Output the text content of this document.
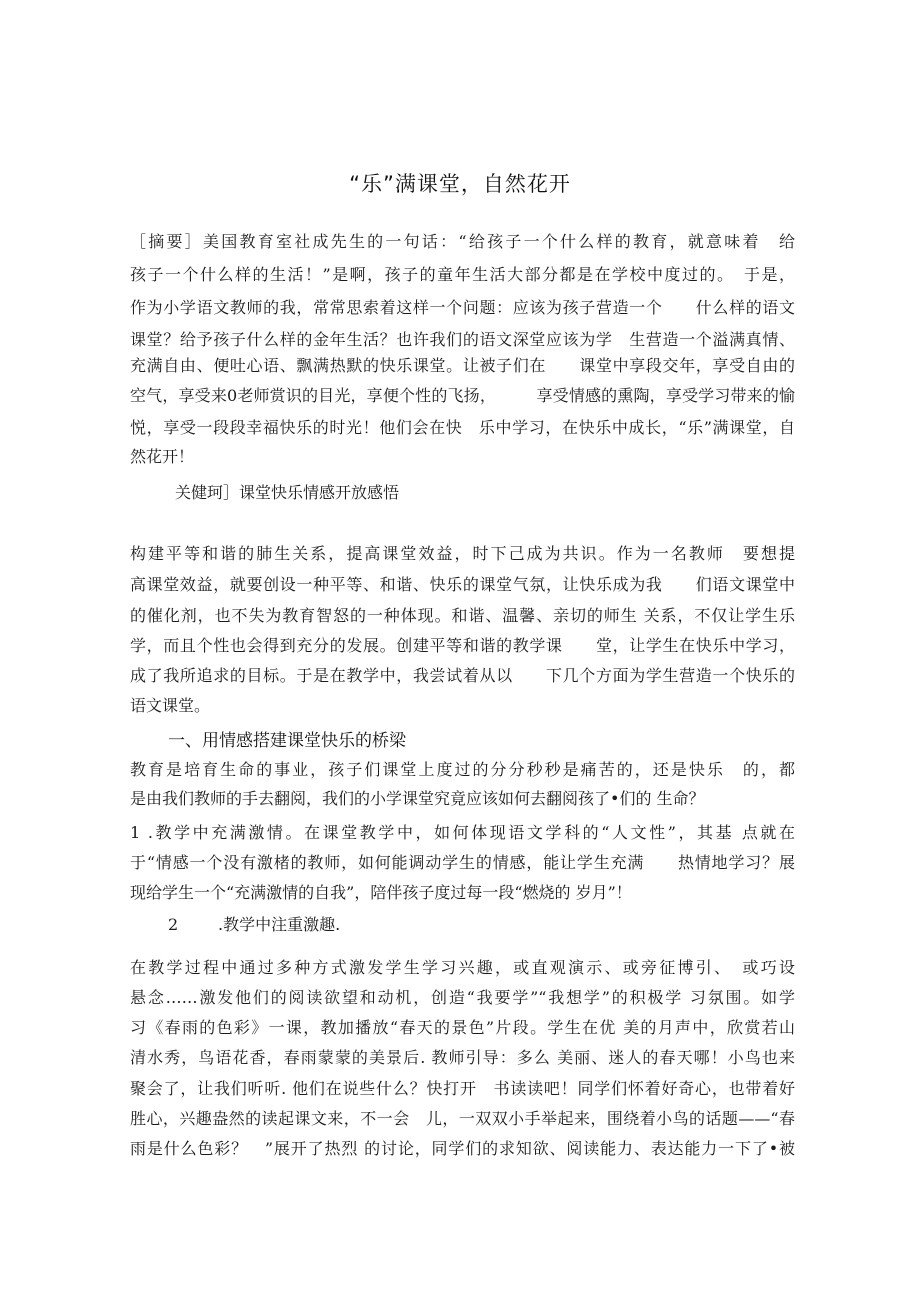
“乐”满课堂，自然花开
［摘要］美国教育室社成先生的一句话：“给孩子一个什么样的教育，就意味着　给
孩子一个什么样的生活！”是啊，孩子的童年生活大部分都是在学校中度过的。　于是，
作为小学语文教师的我，常常思索着这样一个问题：应该为孩子营造一个　　什么样的语文
课堂？给予孩子什么样的金年生活？也许我们的语文深堂应该为学　生营造一个溢满真情、
充满自由、便吐心语、飘满热默的快乐课堂。让被子们在　　课堂中享段交年，享受自由的
空气，享受来0老师赏识的目光，享便个性的飞扬，　　　享受情感的熏陶，享受学习带来的愉
悦，享受一段段幸福快乐的时光！他们会在快　乐中学习，在快乐中成长，“乐”满课堂，自
然花开！
关健珂］课堂快乐情感开放感悟
构建平等和谐的肺生关系，提高课堂效益，时下己成为共识。作为一名教师　要想提
高课堂效益，就要创设一种平等、和谐、快乐的课堂气氛，让快乐成为我　　们语文课堂中
的催化剂，也不失为教育智怒的一种体现。和谐、温馨、亲切的师生 关系，不仅让学生乐
学，而且个性也会得到充分的发展。创建平等和谐的教学课　　堂，让学生在快乐中学习，
成了我所追求的目标。于是在教学中，我尝试着从以　　下几个方面为学生营造一个快乐的
语文课堂。
一、用情感搭建课堂快乐的桥梁
教育是培育生命的事业，孩子们课堂上度过的分分秒秒是痛苦的，还是快乐　的，都
是由我们教师的手去翻阅，我们的小学课堂究竟应该如何去翻阅孩了•们的 生命？
1 .教学中充满激情。在课堂教学中，如何体现语文学科的“人文性”，其基 点就在
于“情感一个没有激楮的教师，如何能调动学生的情感，能让学生充满　　热情地学习？展
现给学生一个“充满激情的自我”，陪伴孩子度过每一段“燃烧的 岁月”！
2	.教学中注重激趣.
在教学过程中通过多种方式激发学生学习兴趣，或直观演示、或旁征博引、　或巧设
悬念……激发他们的阅读欲望和动机，创造“我要学”“我想学”的积极学 习氛围。如学
习《春雨的色彩》一课，教加播放“春天的景色”片段。学生在优 美的月声中，欣赏若山
清水秀，鸟语花香，春雨蒙蒙的美景后. 教师引导：多么 美丽、迷人的春天哪！小鸟也来
聚会了，让我们听听. 他们在说些什么？快打开　书读读吧！同学们怀着好奇心，也带着好
胜心，兴趣盎然的读起课文来，不一会　儿，一双双小手举起来，围绕着小鸟的话题——“春
雨是什么色彩？　”展开了热烈 的讨论，同学们的求知欲、阅读能力、表达能力一下了•被
